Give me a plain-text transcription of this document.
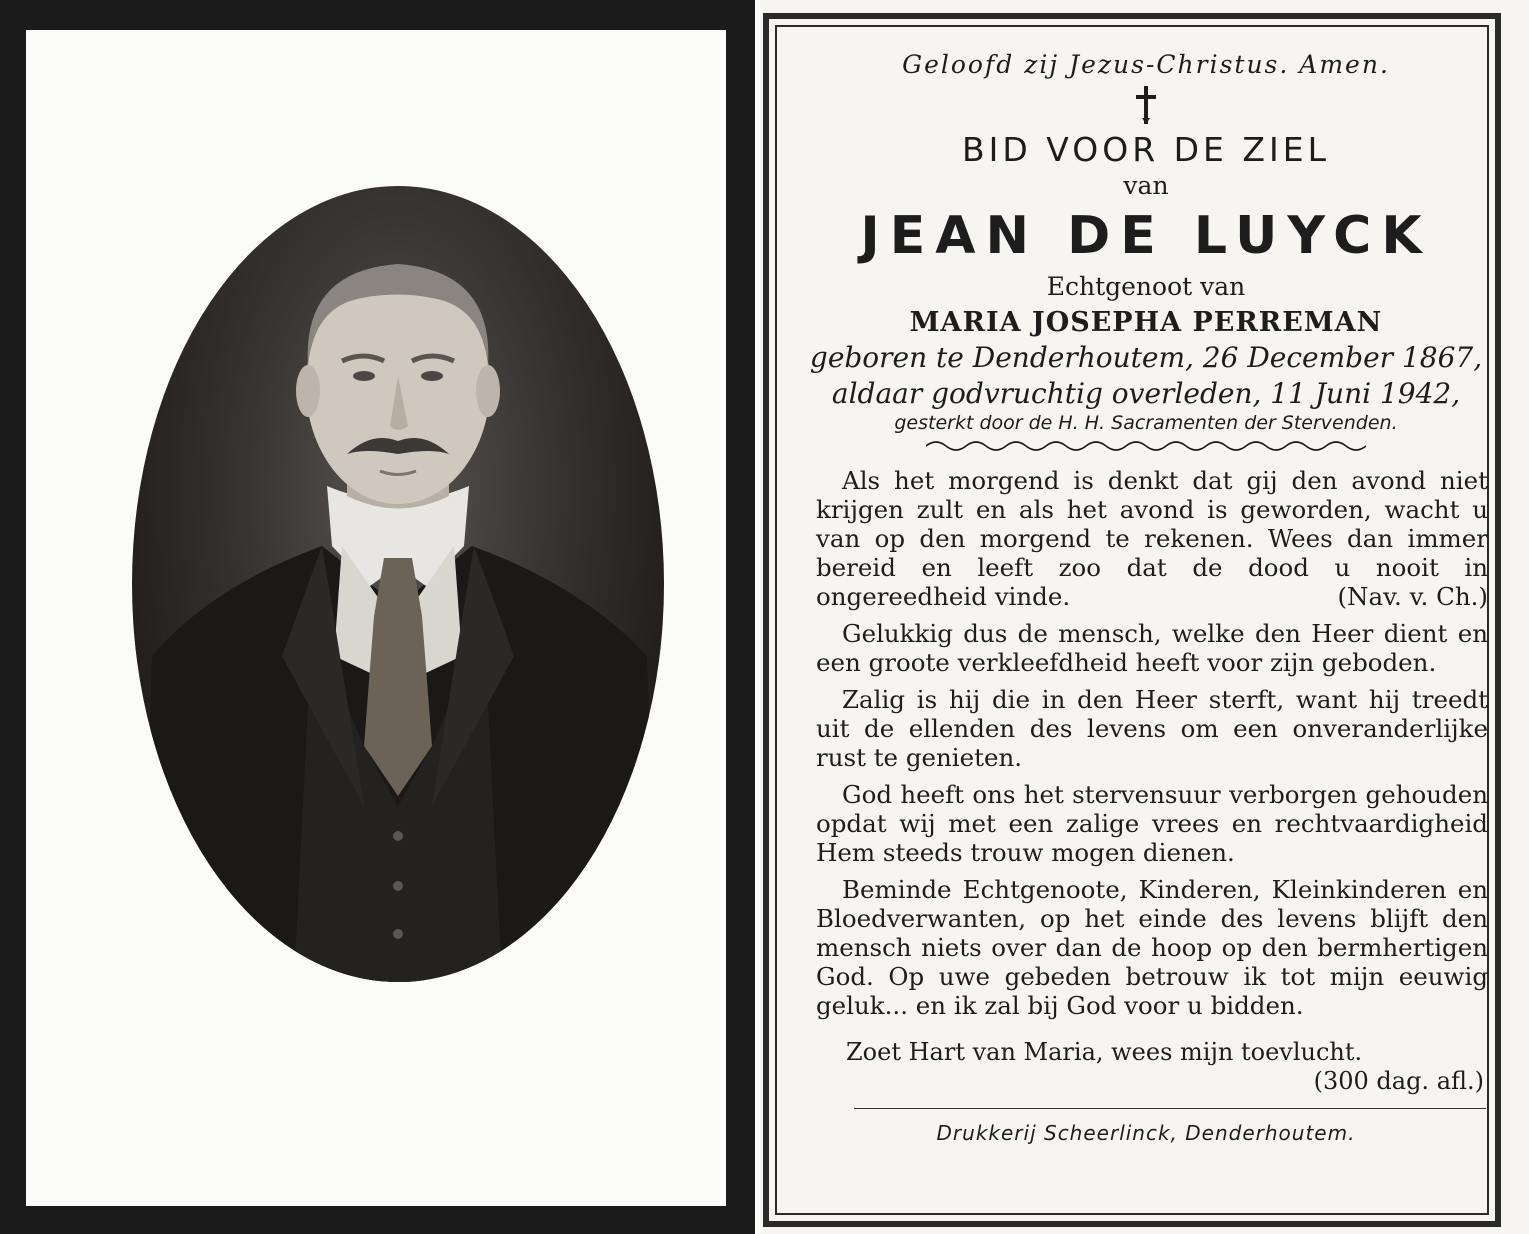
Geloofd zij Jezus-Christus. Amen.

BID VOOR DE ZIEL

van

JEAN DE LUYCK

Echtgenoot van

MARIA JOSEPHA PERREMAN

geboren te Denderhoutem, 26 December 1867,

aldaar godvruchtig overleden, 11 Juni 1942,

gesterkt door de H. H. Sacramenten der Stervenden.

Als het morgend is denkt dat gij den avond niet krijgen zult en als het avond is geworden, wacht u van op den morgend te rekenen. Wees dan immer bereid en leeft zoo dat de dood u nooit in ongereedheid vinde.	(Nav. v. Ch.)

Gelukkig dus de mensch, welke den Heer dient en een groote verkleefdheid heeft voor zijn geboden.

Zalig is hij die in den Heer sterft, want hij treedt uit de ellenden des levens om een onveranderlijke rust te genieten.

God heeft ons het stervensuur verborgen gehouden opdat wij met een zalige vrees en rechtvaardigheid Hem steeds trouw mogen dienen.

Beminde Echtgenoote, Kinderen, Kleinkinderen en Bloedverwanten, op het einde des levens blijft den mensch niets over dan de hoop op den bermhertigen God. Op uwe gebeden betrouw ik tot mijn eeuwig geluk... en ik zal bij God voor u bidden.

Zoet Hart van Maria, wees mijn toevlucht.
(300 dag. afl.)

Drukkerij Scheerlinck, Denderhoutem.
